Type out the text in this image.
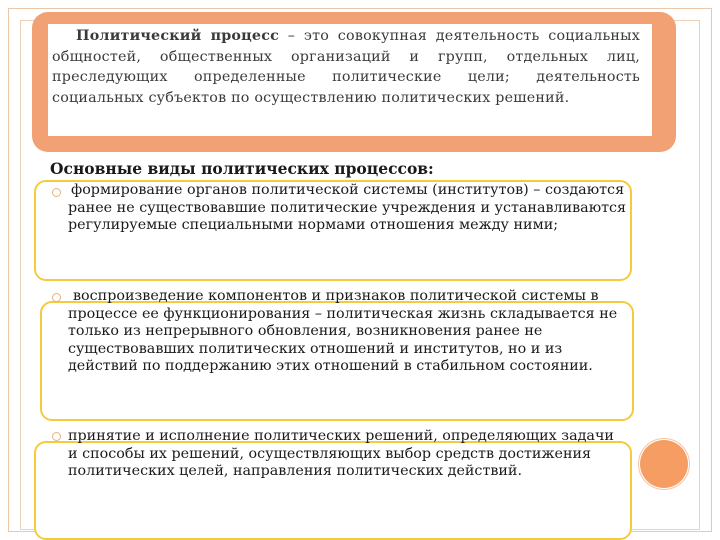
Политический процесс – это совокупная деятельность социальных общностей, общественных организаций и групп, отдельных лиц, преследующих определенные политические цели; деятельность социальных субъектов по осуществлению политических решений.
Основные виды политических процессов:
формирование органов политической системы (институтов) – создаются ранее не существовавшие политические учреждения и устанавливаются регулируемые специальными нормами отношения между ними;
воспроизведение компонентов и признаков политической системы в процессе ее функционирования – политическая жизнь складывается не только из непрерывного обновления, возникновения ранее не существовавших политических отношений и институтов, но и из действий по поддержанию этих отношений в стабильном состоянии.
принятие и исполнение политических решений, определяющих задачи и способы их решений, осуществляющих выбор средств достижения политических целей, направления политических действий.
